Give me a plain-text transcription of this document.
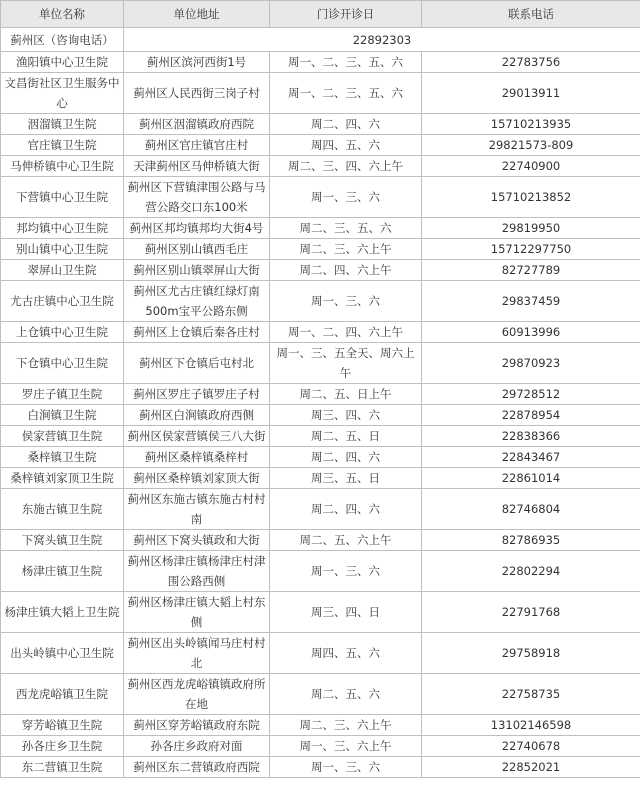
单位名称	单位地址	门诊开诊日	联系电话
蓟州区（咨询电话）	22892303		
渔阳镇中心卫生院	蓟州区滨河西街1号	周一、二、三、五、六	22783756
文昌街社区卫生服务中心	蓟州区人民西街三岗子村	周一、二、三、五、六	29013911
洇溜镇卫生院	蓟州区洇溜镇政府西院	周二、四、六	15710213935
官庄镇卫生院	蓟州区官庄镇官庄村	周四、五、六	29821573-809
马伸桥镇中心卫生院	天津蓟州区马伸桥镇大街	周二、三、四、六上午	22740900
下营镇中心卫生院	蓟州区下营镇津围公路与马营公路交口东100米	周一、三、六	15710213852
邦均镇中心卫生院	蓟州区邦均镇邦均大街4号	周二、三、五、六	29819950
别山镇中心卫生院	蓟州区别山镇西毛庄	周二、三、六上午	15712297750
翠屏山卫生院	蓟州区别山镇翠屏山大街	周二、四、六上午	82727789
尤古庄镇中心卫生院	蓟州区尤古庄镇红绿灯南500m宝平公路东侧	周一、三、六	29837459
上仓镇中心卫生院	蓟州区上仓镇后秦各庄村	周一、二、四、六上午	60913996
下仓镇中心卫生院	蓟州区下仓镇后屯村北	周一、三、五全天、周六上午	29870923
罗庄子镇卫生院	蓟州区罗庄子镇罗庄子村	周二、五、日上午	29728512
白涧镇卫生院	蓟州区白涧镇政府西侧	周三、四、六	22878954
侯家营镇卫生院	蓟州区侯家营镇侯三八大街	周二、五、日	22838366
桑梓镇卫生院	蓟州区桑梓镇桑梓村	周二、四、六	22843467
桑梓镇刘家顶卫生院	蓟州区桑梓镇刘家顶大街	周三、五、日	22861014
东施古镇卫生院	蓟州区东施古镇东施古村村南	周二、四、六	82746804
下窝头镇卫生院	蓟州区下窝头镇政和大街	周二、五、六上午	82786935
杨津庄镇卫生院	蓟州区杨津庄镇杨津庄村津围公路西侧	周一、三、六	22802294
杨津庄镇大韬上卫生院	蓟州区杨津庄镇大韬上村东侧	周三、四、日	22791768
出头岭镇中心卫生院	蓟州区出头岭镇闻马庄村村北	周四、五、六	29758918
西龙虎峪镇卫生院	蓟州区西龙虎峪镇镇政府所在地	周二、五、六	22758735
穿芳峪镇卫生院	蓟州区穿芳峪镇政府东院	周二、三、六上午	13102146598
孙各庄乡卫生院	孙各庄乡政府对面	周一、三、六上午	22740678
东二营镇卫生院	蓟州区东二营镇政府西院	周一、三、六	22852021
